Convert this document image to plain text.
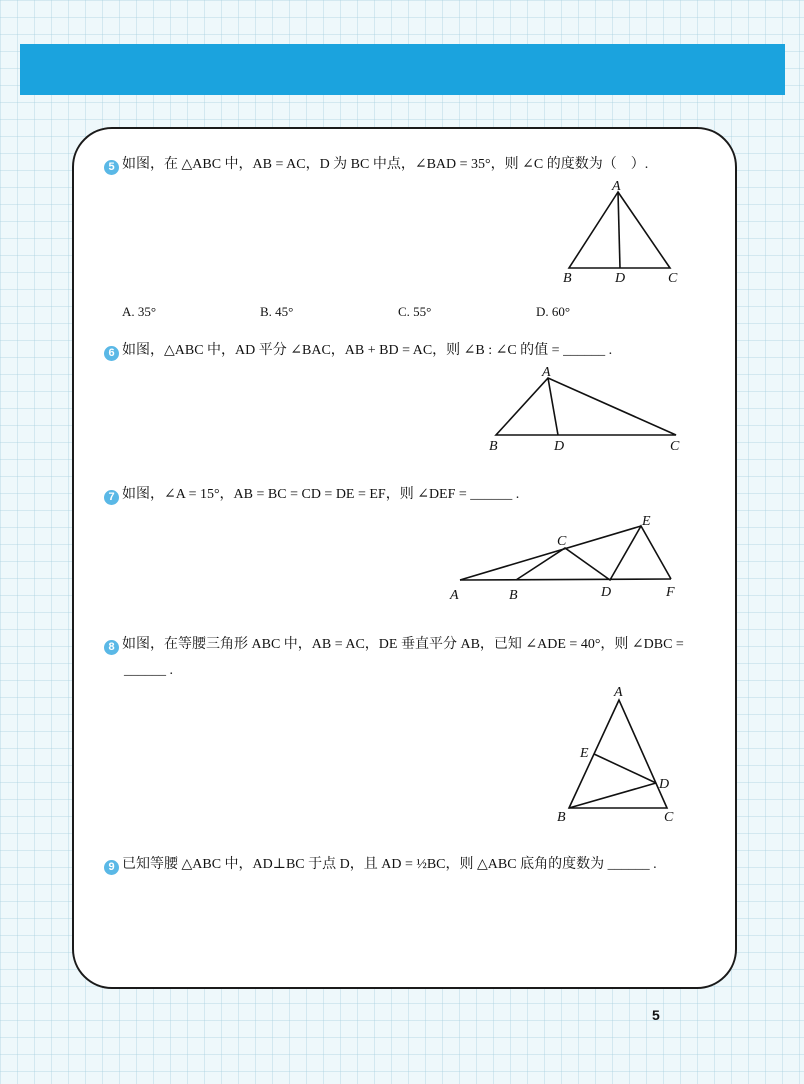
5 如图，在 △ABC 中，AB = AC，D 为 BC 中点，∠BAD = 35°，则 ∠C 的度数为（　）.
A
B	D	C
A. 35°	B. 45°	C. 55°	D. 60°
6 如图，△ABC 中，AD 平分 ∠BAC，AB + BD = AC，则 ∠B : ∠C 的值 = ______ .
A
B	D	C
7 如图，∠A = 15°，AB = BC = CD = DE = EF，则 ∠DEF = ______ .
C
E
A	B	D	F
8 如图，在等腰三角形 ABC 中，AB = AC，DE 垂直平分 AB，已知 ∠ADE = 40°，则 ∠DBC =
______ .
A
E
D
B	C
9 已知等腰 △ABC 中，AD⊥BC 于点 D，且 AD = ½BC，则 △ABC 底角的度数为 ______ .
5
